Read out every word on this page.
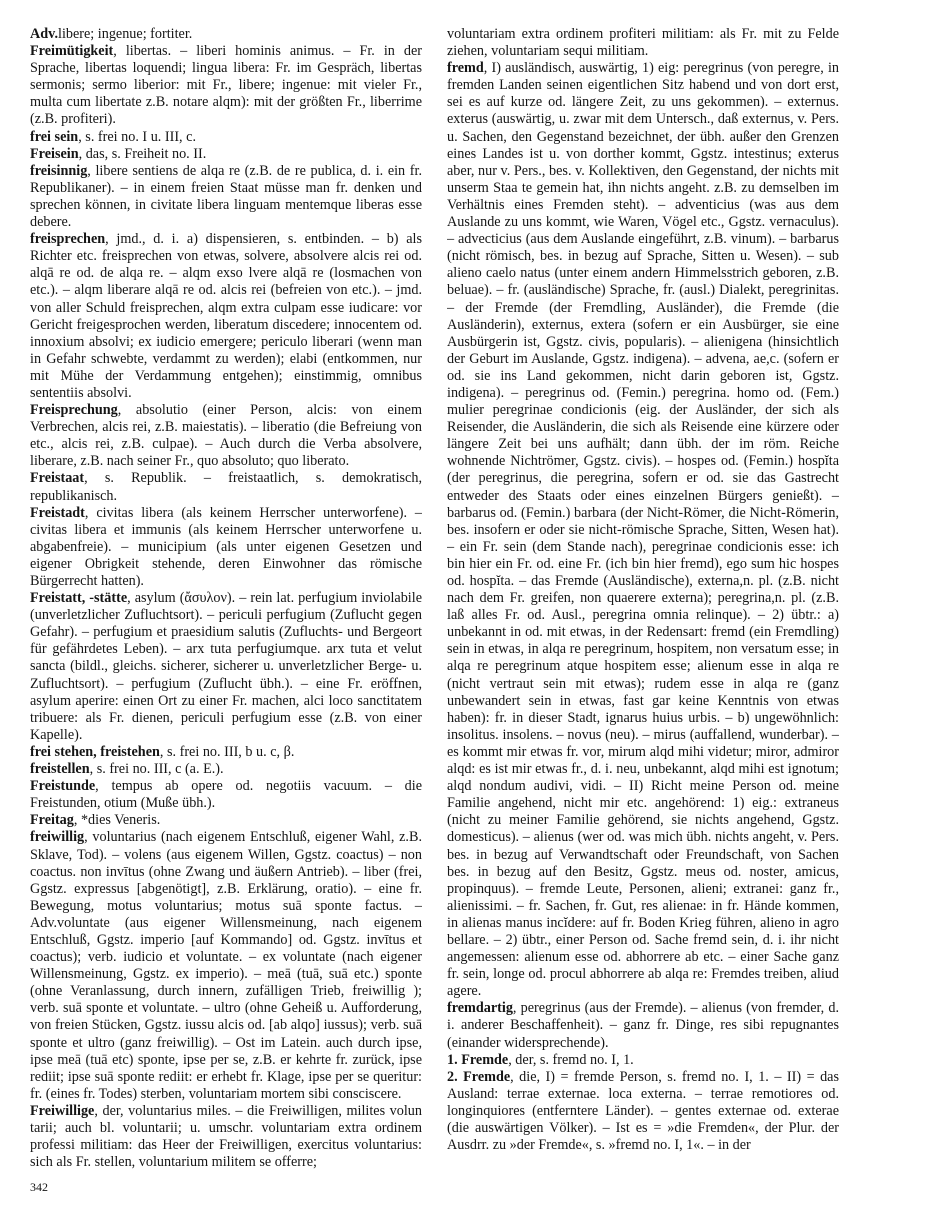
Adv.libere; ingenue; fortiter.

Freimütigkeit, libertas. – liberi hominis animus. – Fr. in der Sprache, libertas loquendi; lingua libera: Fr. im Gespräch, libertas sermonis; sermo liberior: mit Fr., libere; ingenue: mit vieler Fr., multa cum libertate z.B. notare alqm): mit der größten Fr., liberrime (z.B. profiteri).

frei sein, s. frei no. I u. III, c.

Freisein, das, s. Freiheit no. II.

freisinnig, libere sentiens de alqa re (z.B. de re publica, d. i. ein fr. Republikaner). – in einem freien Staat müsse man fr. denken und sprechen können, in civitate libera linguam mentemque liberas esse debere.

freisprechen, jmd., d. i. a) dispensieren, s. entbinden. – b) als Richter etc. freisprechen von etwas, solvere, absolvere alcis rei od. alqā re od. de alqa re. – alqm exso lvere alqā re (losmachen von etc.). – alqm liberare alqā re od. alcis rei (befreien von etc.). – jmd. von aller Schuld freisprechen, alqm extra culpam esse iudicare: vor Gericht freigesprochen werden, liberatum discedere; innocentem od. innoxium absolvi; ex iudicio emergere; periculo liberari (wenn man in Gefahr schwebte, verdammt zu werden); elabi (entkommen, nur mit Mühe der Verdammung entgehen); einstimmig, omnibus sententiis absolvi.

Freisprechung, absolutio (einer Person, alcis: von einem Verbrechen, alcis rei, z.B. maiestatis). – liberatio (die Befreiung von etc., alcis rei, z.B. culpae). – Auch durch die Verba absolvere, liberare, z.B. nach seiner Fr., quo absoluto; quo liberato.

Freistaat, s. Republik. – freistaatlich, s. demokratisch, republikanisch.

Freistadt, civitas libera (als keinem Herrscher unterworfene). – civitas libera et immunis (als keinem Herrscher unterworfene u. abgabenfreie). – municipium (als unter eigenen Gesetzen und eigener Obrigkeit stehende, deren Einwohner das römische Bürgerrecht hatten).

Freistatt, -stätte, asylum (ἄσυλον). – rein lat. perfugium inviolabile (unverletzlicher Zufluchtsort). – periculi perfugium (Zuflucht gegen Gefahr). – perfugium et praesidium salutis (Zufluchts- und Bergeort für gefährdetes Leben). – arx tuta perfugiumque. arx tuta et velut sancta (bildl., gleichs. sicherer, sicherer u. unverletzlicher Berge- u. Zufluchtsort). – perfugium (Zuflucht übh.). – eine Fr. eröffnen, asylum aperire: einen Ort zu einer Fr. machen, alci loco sanctitatem tribuere: als Fr. dienen, periculi perfugium esse (z.B. von einer Kapelle).

frei stehen, freistehen, s. frei no. III, b u. c, β.

freistellen, s. frei no. III, c (a. E.).

Freistunde, tempus ab opere od. negotiis vacuum. – die Freistunden, otium (Muße übh.).

Freitag, *dies Veneris.

freiwillig, voluntarius (nach eigenem Entschluß, eigener Wahl, z.B. Sklave, Tod). – volens (aus eigenem Willen, Ggstz. coactus) – non coactus. non invītus (ohne Zwang und äußern Antrieb). – liber (frei, Ggstz. expressus [abgenötigt], z.B. Erklärung, oratio). – eine fr. Bewegung, motus voluntarius; motus suā sponte factus. – Adv.voluntate (aus eigener Willensmeinung, nach eigenem Entschluß, Ggstz. imperio [auf Kommando] od. Ggstz. invītus et coactus); verb. iudicio et voluntate. – ex voluntate (nach eigener Willensmeinung, Ggstz. ex imperio). – meā (tuā, suā etc.) sponte (ohne Veranlassung, durch innern, zufälligen Trieb, freiwillig ); verb. suā sponte et voluntate. – ultro (ohne Geheiß u. Aufforderung, von freien Stücken, Ggstz. iussu alcis od. [ab alqo] iussus); verb. suā sponte et ultro (ganz freiwillig). – Ost im Latein. auch durch ipse, ipse meā (tuā etc) sponte, ipse per se, z.B. er kehrte fr. zurück, ipse rediit; ipse suā sponte rediit: er erhebt fr. Klage, ipse per se queritur: fr. (eines fr. Todes) sterben, voluntariam mortem sibi consciscere.

Freiwillige, der, voluntarius miles. – die Freiwilligen, milites volun tarii; auch bl. voluntarii; u. umschr. voluntariam extra ordinem professi militiam: das Heer der Freiwilligen, exercitus voluntarius: sich als Fr. stellen, voluntarium militem se offerre;

voluntariam extra ordinem profiteri militiam: als Fr. mit zu Felde ziehen, voluntariam sequi militiam.

fremd, I) ausländisch, auswärtig, 1) eig: peregrinus (von peregre, in fremden Landen seinen eigentlichen Sitz habend und von dort erst, sei es auf kurze od. längere Zeit, zu uns gekommen). – externus. exterus (auswärtig, u. zwar mit dem Untersch., daß externus, v. Pers. u. Sachen, den Gegenstand bezeichnet, der übh. außer den Grenzen eines Landes ist u. von dorther kommt, Ggstz. intestinus; exterus aber, nur v. Pers., bes. v. Kollektiven, den Gegenstand, der nichts mit unserm Staa te gemein hat, ihn nichts angeht. z.B. zu demselben im Verhältnis eines Fremden steht). – adventicius (was aus dem Auslande zu uns kommt, wie Waren, Vögel etc., Ggstz. vernaculus). – advecticius (aus dem Auslande eingeführt, z.B. vinum). – barbarus (nicht römisch, bes. in bezug auf Sprache, Sitten u. Wesen). – sub alieno caelo natus (unter einem andern Himmelsstrich geboren, z.B. beluae). – fr. (ausländische) Sprache, fr. (ausl.) Dialekt, peregrinitas. – der Fremde (der Fremdling, Ausländer), die Fremde (die Ausländerin), externus, extera (sofern er ein Ausbürger, sie eine Ausbürgerin ist, Ggstz. civis, popularis). – alienigena (hinsichtlich der Geburt im Auslande, Ggstz. indigena). – advena, ae,c. (sofern er od. sie ins Land gekommen, nicht darin geboren ist, Ggstz. indigena). – peregrinus od. (Femin.) peregrina. homo od. (Fem.) mulier peregrinae condicionis (eig. der Ausländer, der sich als Reisender, die Ausländerin, die sich als Reisende eine kürzere oder längere Zeit bei uns aufhält; dann übh. der im röm. Reiche wohnende Nichtrömer, Ggstz. civis). – hospes od. (Femin.) hospĭta (der peregrinus, die peregrina, sofern er od. sie das Gastrecht entweder des Staats oder eines einzelnen Bürgers genießt). – barbarus od. (Femin.) barbara (der Nicht-Römer, die Nicht-Römerin, bes. insofern er oder sie nicht-römische Sprache, Sitten, Wesen hat). – ein Fr. sein (dem Stande nach), peregrinae condicionis esse: ich bin hier ein Fr. od. eine Fr. (ich bin hier fremd), ego sum hic hospes od. hospĭta. – das Fremde (Ausländische), externa,n. pl. (z.B. nicht nach dem Fr. greifen, non quaerere externa); peregrina,n. pl. (z.B. laß alles Fr. od. Ausl., peregrina omnia relinque). – 2) übtr.: a) unbekannt in od. mit etwas, in der Redensart: fremd (ein Fremdling) sein in etwas, in alqa re peregrinum, hospitem, non versatum esse; in alqa re peregrinum atque hospitem esse; alienum esse in alqa re (nicht vertraut sein mit etwas); rudem esse in alqa re (ganz unbewandert sein in etwas, fast gar keine Kenntnis von etwas haben): fr. in dieser Stadt, ignarus huius urbis. – b) ungewöhnlich: insolitus. insolens. – novus (neu). – mirus (auffallend, wunderbar). – es kommt mir etwas fr. vor, mirum alqd mihi videtur; miror, admiror alqd: es ist mir etwas fr., d. i. neu, unbekannt, alqd mihi est ignotum; alqd nondum audivi, vidi. – II) Richt meine Person od. meine Familie angehend, nicht mir etc. angehörend: 1) eig.: extraneus (nicht zu meiner Familie gehörend, sie nichts angehend, Ggstz. domesticus). – alienus (wer od. was mich übh. nichts angeht, v. Pers. bes. in bezug auf Verwandtschaft oder Freundschaft, von Sachen bes. in bezug auf den Besitz, Ggstz. meus od. noster, amicus, propinquus). – fremde Leute, Personen, alieni; extranei: ganz fr., alienissimi. – fr. Sachen, fr. Gut, res alienae: in fr. Hände kommen, in alienas manus incĭdere: auf fr. Boden Krieg führen, alieno in agro bellare. – 2) übtr., einer Person od. Sache fremd sein, d. i. ihr nicht angemessen: alienum esse od. abhorrere ab etc. – einer Sache ganz fr. sein, longe od. procul abhorrere ab alqa re: Fremdes treiben, aliud agere.

fremdartig, peregrinus (aus der Fremde). – alienus (von fremder, d. i. anderer Beschaffenheit). – ganz fr. Dinge, res sibi repugnantes (einander widersprechende).

1. Fremde, der, s. fremd no. I, 1.

2. Fremde, die, I) = fremde Person, s. fremd no. I, 1. – II) = das Ausland: terrae externae. loca externa. – terrae remotiores od. longinquiores (entferntere Länder). – gentes externae od. exterae (die auswärtigen Völker). – Ist es = »die Fremden«, der Plur. der Ausdrr. zu »der Fremde«, s. »fremd no. I, 1«. – in der

342
